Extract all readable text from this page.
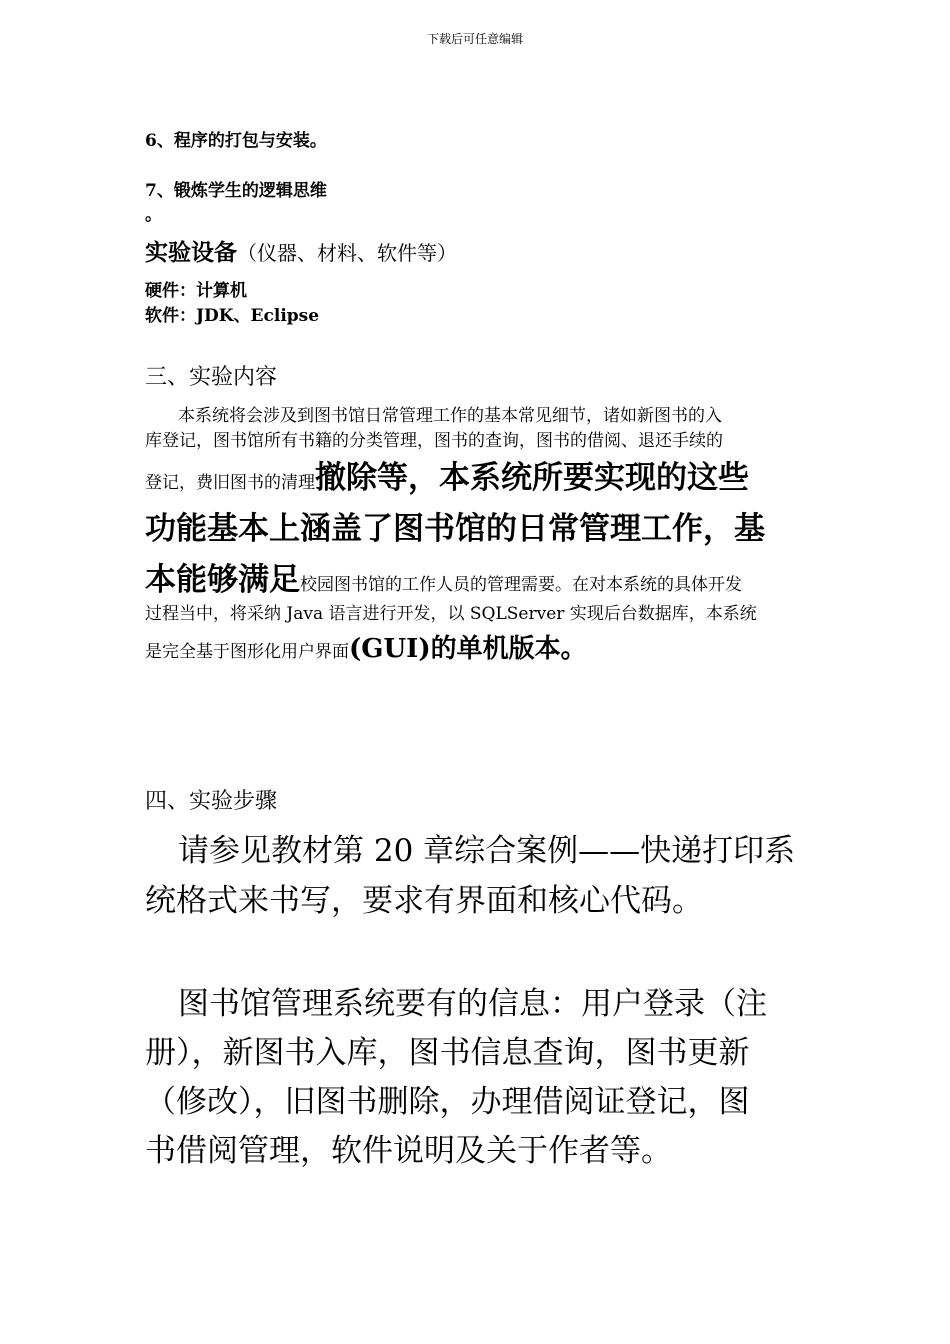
下载后可任意编辑
6、程序的打包与安装。
7、锻炼学生的逻辑思维
。
实验设备（仪器、材料、软件等）
硬件：计算机
软件：JDK、Eclipse
三、实验内容
本系统将会涉及到图书馆日常管理工作的基本常见细节，诸如新图书的入
库登记，图书馆所有书籍的分类管理，图书的查询，图书的借阅、退还手续的
登记，费旧图书的清理撤除等，本系统所要实现的这些
功能基本上涵盖了图书馆的日常管理工作，基
本能够满足校园图书馆的工作人员的管理需要。在对本系统的具体开发
过程当中，将采纳 Java 语言进行开发，以 SQLServer 实现后台数据库，本系统
是完全基于图形化用户界面(GUI)的单机版本。
四、实验步骤
请参见教材第 20 章综合案例——快递打印系
统格式来书写，要求有界面和核心代码。
图书馆管理系统要有的信息：用户登录（注
册），新图书入库，图书信息查询，图书更新
（修改），旧图书删除，办理借阅证登记，图
书借阅管理，软件说明及关于作者等。
